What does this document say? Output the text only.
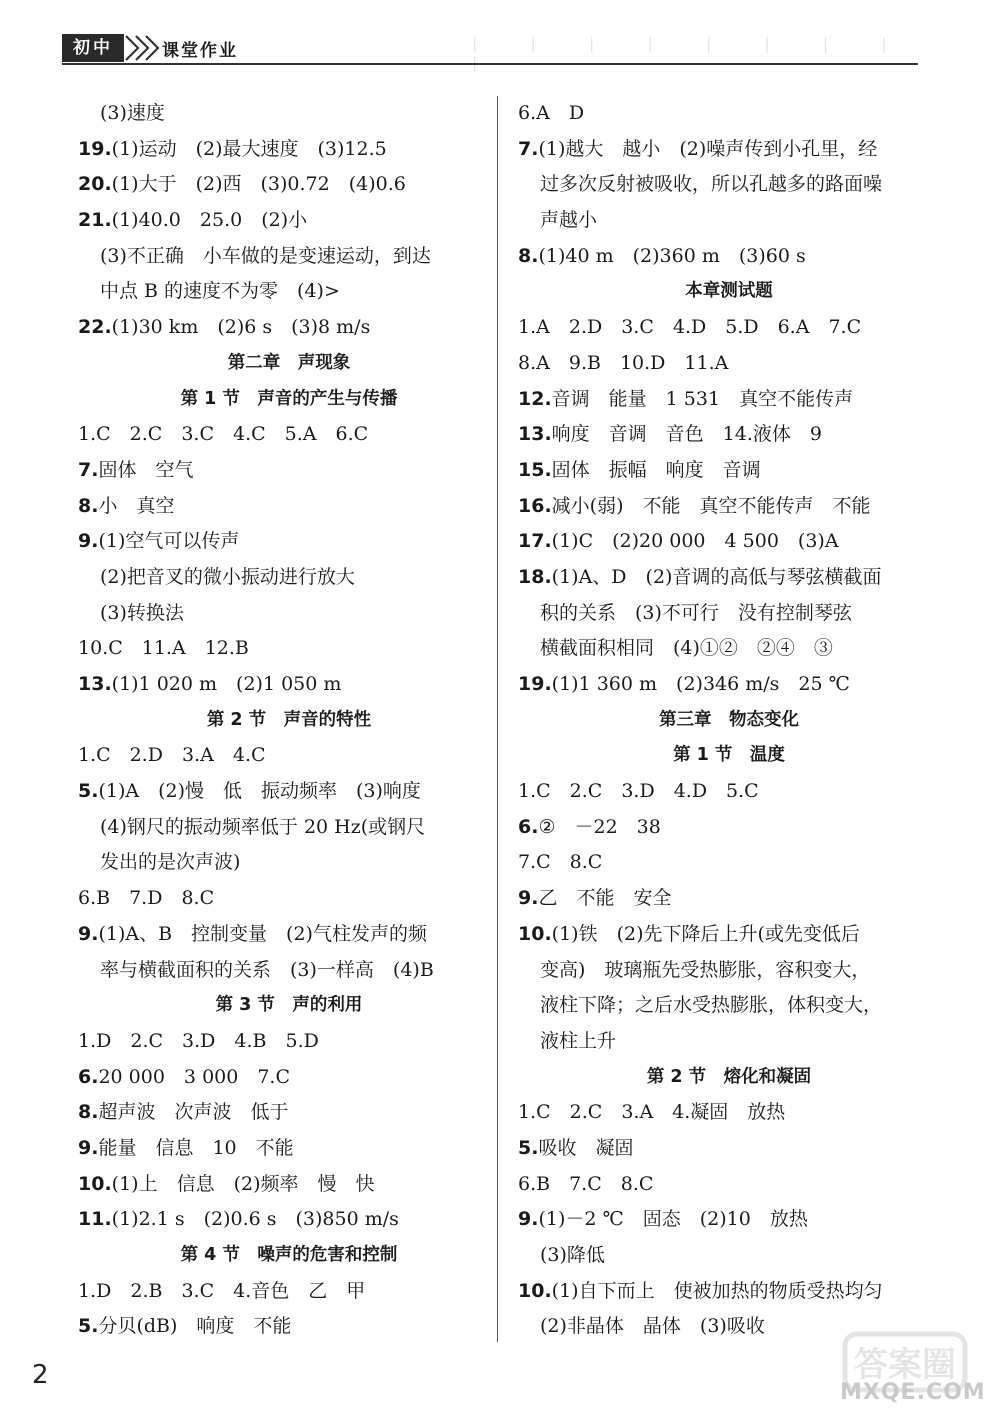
初中	课堂作业	| | | | | | | |
(3)速度
19.(1)运动　(2)最大速度　(3)12.5
20.(1)大于　(2)西　(3)0.72　(4)0.6
21.(1)40.0　25.0　(2)小
(3)不正确　小车做的是变速运动，到达
中点 B 的速度不为零　(4)>
22.(1)30 km　(2)6 s　(3)8 m/s
第二章　声现象
第 1 节　声音的产生与传播
1.C　2.C　3.C　4.C　5.A　6.C
7.固体　空气
8.小　真空
9.(1)空气可以传声
(2)把音叉的微小振动进行放大
(3)转换法
10.C　11.A　12.B
13.(1)1 020 m　(2)1 050 m
第 2 节　声音的特性
1.C　2.D　3.A　4.C
5.(1)A　(2)慢　低　振动频率　(3)响度
(4)钢尺的振动频率低于 20 Hz(或钢尺
发出的是次声波)
6.B　7.D　8.C
9.(1)A、B　控制变量　(2)气柱发声的频
率与横截面积的关系　(3)一样高　(4)B
第 3 节　声的利用
1.D　2.C　3.D　4.B　5.D
6.20 000　3 000　7.C
8.超声波　次声波　低于
9.能量　信息　10　不能
10.(1)上　信息　(2)频率　慢　快
11.(1)2.1 s　(2)0.6 s　(3)850 m/s
第 4 节　噪声的危害和控制
1.D　2.B　3.C　4.音色　乙　甲
5.分贝(dB)　响度　不能
6.A　D
7.(1)越大　越小　(2)噪声传到小孔里，经
过多次反射被吸收，所以孔越多的路面噪
声越小
8.(1)40 m　(2)360 m　(3)60 s
本章测试题
1.A　2.D　3.C　4.D　5.D　6.A　7.C
8.A　9.B　10.D　11.A
12.音调　能量　1 531　真空不能传声
13.响度　音调　音色　14.液体　9
15.固体　振幅　响度　音调
16.减小(弱)　不能　真空不能传声　不能
17.(1)C　(2)20 000　4 500　(3)A
18.(1)A、D　(2)音调的高低与琴弦横截面
积的关系　(3)不可行　没有控制琴弦
横截面积相同　(4)①②　②④　③
19.(1)1 360 m　(2)346 m/s　25 ℃
第三章　物态变化
第 1 节　温度
1.C　2.C　3.D　4.D　5.C
6.②　－22　38
7.C　8.C
9.乙　不能　安全
10.(1)铁　(2)先下降后上升(或先变低后
变高)　玻璃瓶先受热膨胀，容积变大，
液柱下降；之后水受热膨胀，体积变大，
液柱上升
第 2 节　熔化和凝固
1.C　2.C　3.A　4.凝固　放热
5.吸收　凝固
6.B　7.C　8.C
9.(1)－2 ℃　固态　(2)10　放热
(3)降低
10.(1)自下而上　使被加热的物质受热均匀
(2)非晶体　晶体　(3)吸收
2	答案圈
MXQE.COM
